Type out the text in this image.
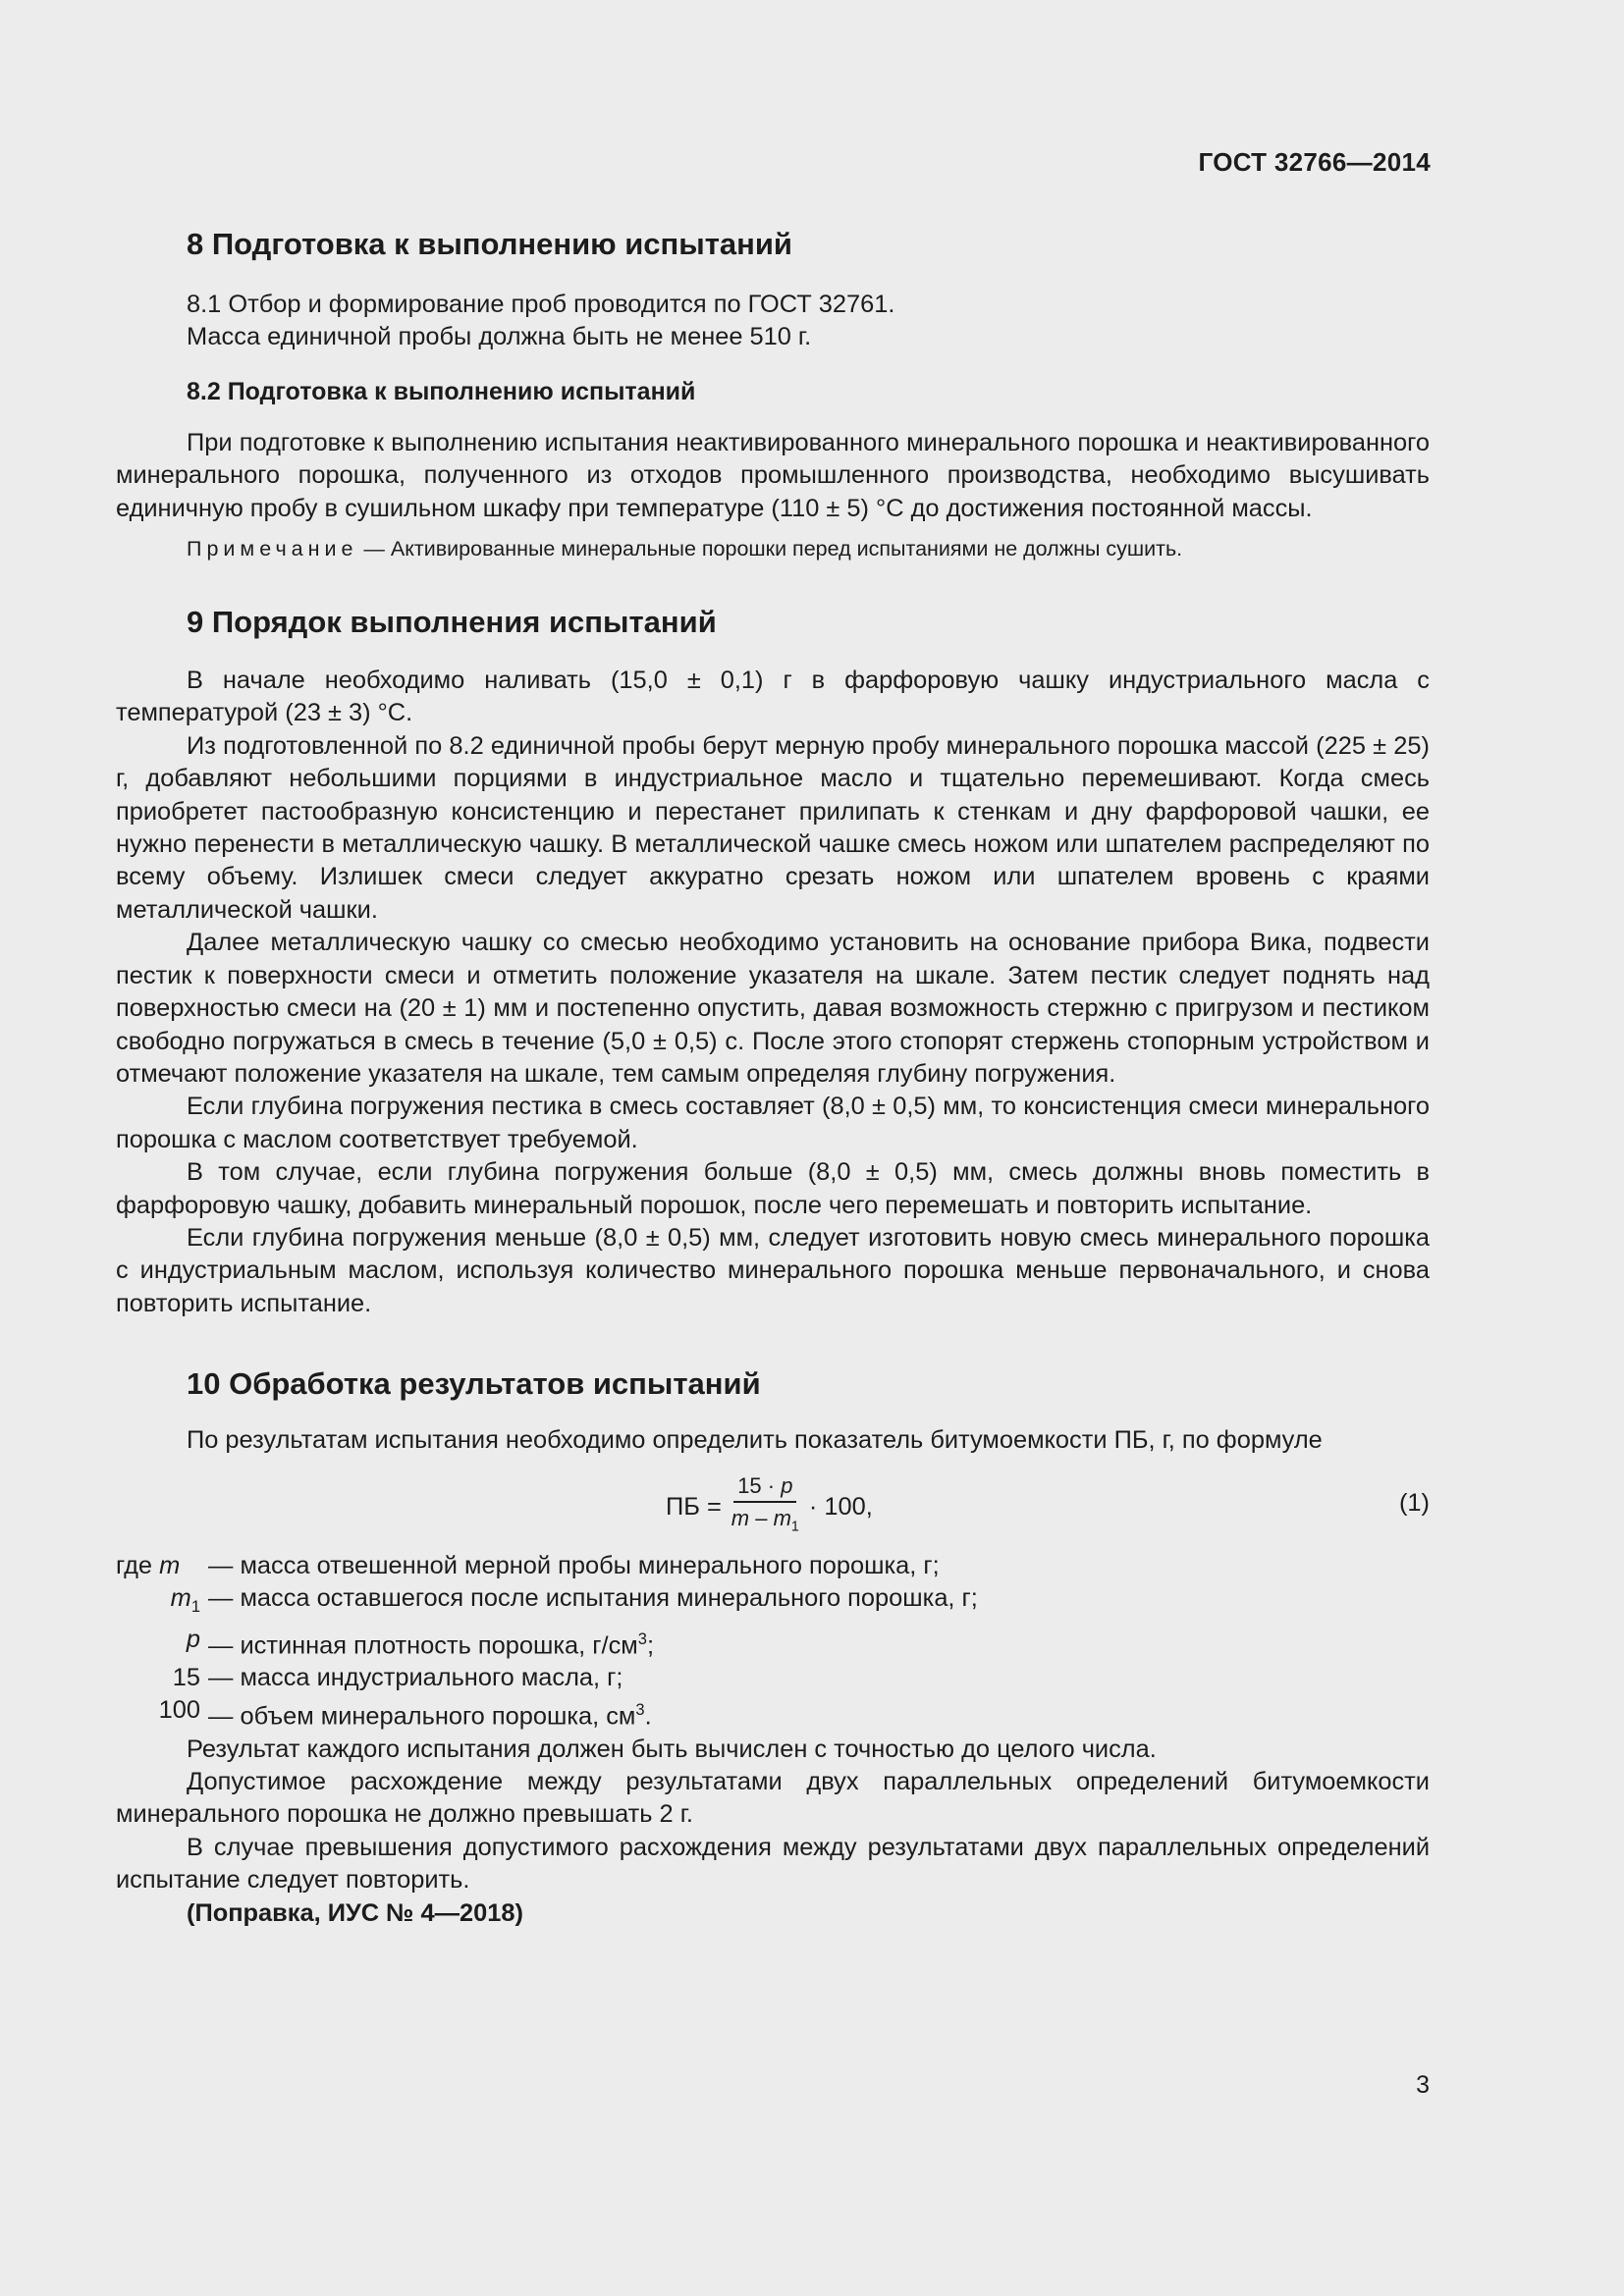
ГОСТ 32766—2014
8 Подготовка к выполнению испытаний

8.1 Отбор и формирование проб проводится по ГОСТ 32761.

Масса единичной пробы должна быть не менее 510 г.

8.2 Подготовка к выполнению испытаний

При подготовке к выполнению испытания неактивированного минерального порошка и неактивированного минерального порошка, полученного из отходов промышленного производства, необходимо высушивать единичную пробу в сушильном шкафу при температуре (110 ± 5) °С до достижения постоянной массы.

Примечание — Активированные минеральные порошки перед испытаниями не должны сушить.
9 Порядок выполнения испытаний

В начале необходимо наливать (15,0 ± 0,1) г в фарфоровую чашку индустриального масла с температурой (23 ± 3) °С.

Из подготовленной по 8.2 единичной пробы берут мерную пробу минерального порошка массой (225 ± 25) г, добавляют небольшими порциями в индустриальное масло и тщательно перемешивают. Когда смесь приобретет пастообразную консистенцию и перестанет прилипать к стенкам и дну фарфоровой чашки, ее нужно перенести в металлическую чашку. В металлической чашке смесь ножом или шпателем распределяют по всему объему. Излишек смеси следует аккуратно срезать ножом или шпателем вровень с краями металлической чашки.

Далее металлическую чашку со смесью необходимо установить на основание прибора Вика, подвести пестик к поверхности смеси и отметить положение указателя на шкале. Затем пестик следует поднять над поверхностью смеси на (20 ± 1) мм и постепенно опустить, давая возможность стержню с пригрузом и пестиком свободно погружаться в смесь в течение (5,0 ± 0,5) с. После этого стопорят стержень стопорным устройством и отмечают положение указателя на шкале, тем самым определяя глубину погружения.

Если глубина погружения пестика в смесь составляет (8,0 ± 0,5) мм, то консистенция смеси минерального порошка с маслом соответствует требуемой.

В том случае, если глубина погружения больше (8,0 ± 0,5) мм, смесь должны вновь поместить в фарфоровую чашку, добавить минеральный порошок, после чего перемешать и повторить испытание.

Если глубина погружения меньше (8,0 ± 0,5) мм, следует изготовить новую смесь минерального порошка с индустриальным маслом, используя количество минерального порошка меньше первоначального, и снова повторить испытание.

10 Обработка результатов испытаний

По результатам испытания необходимо определить показатель битумоемкости ПБ, г, по формуле

ПБ = $\frac{15 \cdot p}{m - m_1} \cdot 100$,	(1)
где m	— масса отвешенной мерной пробы минерального порошка, г;
$m_1$ — масса оставшегося после испытания минерального порошка, г;
p — истинная плотность порошка, $г/см^3$;
15 — масса индустриального масла, г;
100 — объем минерального порошка, $см^3$.

Результат каждого испытания должен быть вычислен с точностью до целого числа.

Допустимое расхождение между результатами двух параллельных определений битумоемкости минерального порошка не должно превышать 2 г.

В случае превышения допустимого расхождения между результатами двух параллельных определений испытание следует повторить.

(Поправка, ИУС № 4—2018)

3
